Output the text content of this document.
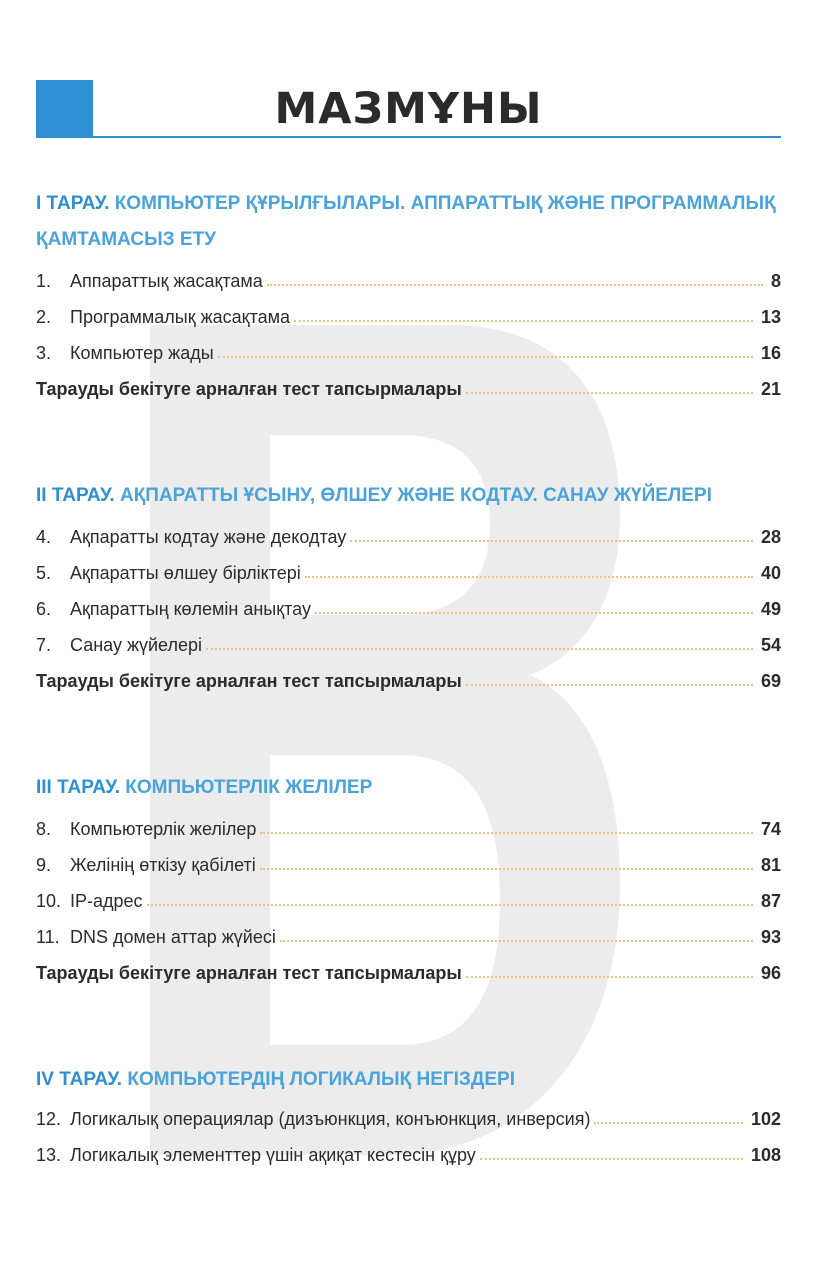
МАЗМҰНЫ
I ТАРАУ. КОМПЬЮТЕР ҚҰРЫЛҒЫЛАРЫ. АППАРАТТЫҚ ЖӘНЕ ПРОГРАММАЛЫҚ
ҚАМТАМАСЫЗ ЕТУ
1.	Аппараттық жасақтама	8
2.	Программалық жасақтама	13
3.	Компьютер жады	16
Тарауды бекітуге арналған тест тапсырмалары	21
II ТАРАУ. АҚПАРАТТЫ ҰСЫНУ, ӨЛШЕУ ЖӘНЕ КОДТАУ. САНАУ ЖҮЙЕЛЕРІ
4.	Ақпаратты кодтау және декодтау	28
5.	Ақпаратты өлшеу бірліктері	40
6.	Ақпараттың көлемін анықтау	49
7.	Санау жүйелері	54
Тарауды бекітуге арналған тест тапсырмалары	69
III ТАРАУ. КОМПЬЮТЕРЛІК ЖЕЛІЛЕР
8.	Компьютерлік желілер	74
9.	Желінің өткізу қабілеті	81
10. IP-адрес	87
11. DNS домен аттар жүйесі	93
Тарауды бекітуге арналған тест тапсырмалары	96
IV ТАРАУ. КОМПЬЮТЕРДІҢ ЛОГИКАЛЫҚ НЕГІЗДЕРІ
12. Логикалық операциялар (дизъюнкция, конъюнкция, инверсия)	102
13. Логикалық элементтер үшін ақиқат кестесін құру	108
